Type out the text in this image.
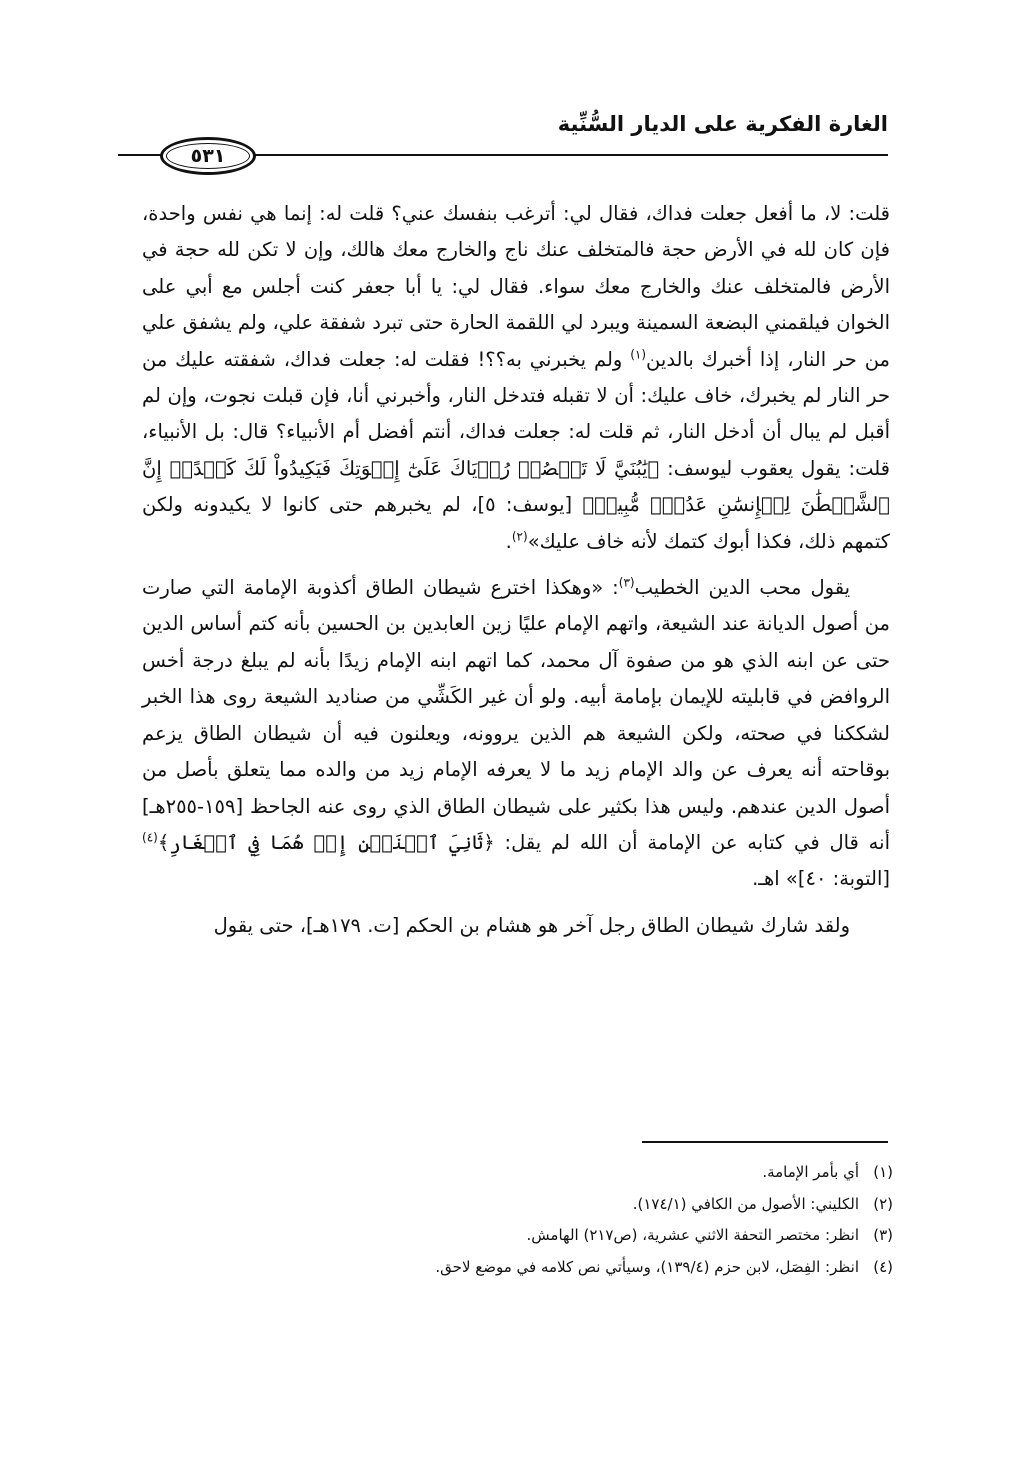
الغارة الفكرية على الديار السُّنِّية
٥٣١

قلت: لا، ما أفعل جعلت فداك، فقال لي: أترغب بنفسك عني؟ قلت له: إنما هي نفس واحدة، فإن كان لله في الأرض حجة فالمتخلف عنك ناج والخارج معك هالك، وإن لا تكن لله حجة في الأرض فالمتخلف عنك والخارج معك سواء. فقال لي: يا أبا جعفر كنت أجلس مع أبي على الخوان فيلقمني البضعة السمينة ويبرد لي اللقمة الحارة حتى تبرد شفقة علي، ولم يشفق علي من حر النار، إذا أخبرك بالدين$^{(١)}$ ولم يخبرني به؟؟! فقلت له: جعلت فداك، شفقته عليك من حر النار لم يخبرك، خاف عليك: أن لا تقبله فتدخل النار، وأخبرني أنا، فإن قبلت نجوت، وإن لم أقبل لم يبال أن أدخل النار، ثم قلت له: جعلت فداك، أنتم أفضل أم الأنبياء؟ قال: بل الأنبياء، قلت: يقول يعقوب ليوسف: ﴿يَٰبُنَيَّ لَا تَقۡصُصۡ رُءۡيَاكَ عَلَىٰٓ إِخۡوَتِكَ فَيَكِيدُواْ لَكَ كَيۡدًاۖ إِنَّ ٱلشَّيۡطَٰنَ لِلۡإِنسَٰنِ عَدُوّٞ مُّبِينٞ﴾ [يوسف: ٥]، لم يخبرهم حتى كانوا لا يكيدونه ولكن كتمهم ذلك، فكذا أبوك كتمك لأنه خاف عليك»$^{(٢)}$.

يقول محب الدين الخطيب$^{(٣)}$: «وهكذا اخترع شيطان الطاق أكذوبة الإمامة التي صارت من أصول الديانة عند الشيعة، واتهم الإمام عليًا زين العابدين بن الحسين بأنه كتم أساس الدين حتى عن ابنه الذي هو من صفوة آل محمد، كما اتهم ابنه الإمام زيدًا بأنه لم يبلغ درجة أخس الروافض في قابليته للإيمان بإمامة أبيه. ولو أن غير الكَشِّي من صناديد الشيعة روى هذا الخبر لشككنا في صحته، ولكن الشيعة هم الذين يروونه، ويعلنون فيه أن شيطان الطاق يزعم بوقاحته أنه يعرف عن والد الإمام زيد ما لا يعرفه الإمام زيد من والده مما يتعلق بأصل من أصول الدين عندهم. وليس هذا بكثير على شيطان الطاق الذي روى عنه الجاحظ [١٥٩-٢٥٥هـ] أنه قال في كتابه عن الإمامة أن الله لم يقل: ﴿ثَانِيَ ٱثۡنَيۡنِ إِذۡ هُمَا فِي ٱلۡغَارِ﴾$^{(٤)}$ [التوبة: ٤٠]» اهـ.

ولقد شارك شيطان الطاق رجل آخر هو هشام بن الحكم [ت. ١٧٩هـ]، حتى يقول

(١)أي بأمر الإمامة.
(٢)الكليني: الأصول من الكافي (١٧٤/١).
(٣)انظر: مختصر التحفة الاثني عشرية، (ص٢١٧) الهامش.
(٤)انظر: الفِصَل، لابن حزم (١٣٩/٤)، وسيأتي نص كلامه في موضع لاحق.
